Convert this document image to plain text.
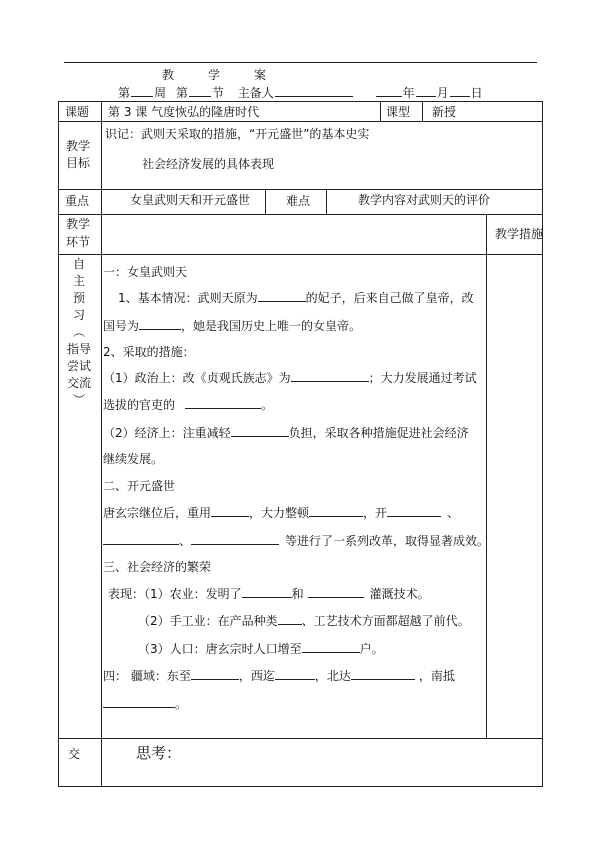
教	学	案
第 周 第 节 主备人	年 月 日
课题 第 3 课 气度恢弘的隆唐时代	课型 新授
教学
目标
识记：武则天采取的措施，“开元盛世”的基本史实
社会经济发展的具体表现
重点	女皇武则天和开元盛世	难点	教学内容对武则天的评价
教学
环节
教学措施
自
主
预
习
︵
指导
尝试
交流
︶
一：女皇武则天
1、基本情况：武则天原为	的妃子，后来自己做了皇帝，改
国号为	，她是我国历史上唯一的女皇帝。
2、采取的措施：
（1）政治上：改《贞观氏族志》为	；大力发展通过考试
选拔的官吏的	。
（2）经济上：注重减轻	负担，采取各种措施促进社会经济
继续发展。
二、开元盛世
唐玄宗继位后，重用	，大力整顿	，开	、
、	等进行了一系列改革，取得显著成效。
三、社会经济的繁荣
表现：（1）农业：发明了	和	灌溉技术。
（2）手工业：在产品种类 、工艺技术方面都超越了前代。
（3）人口：唐玄宗时人口增至	户。
四： 疆域：东至	，西迄	，北达	，南抵
。
交	思考：
